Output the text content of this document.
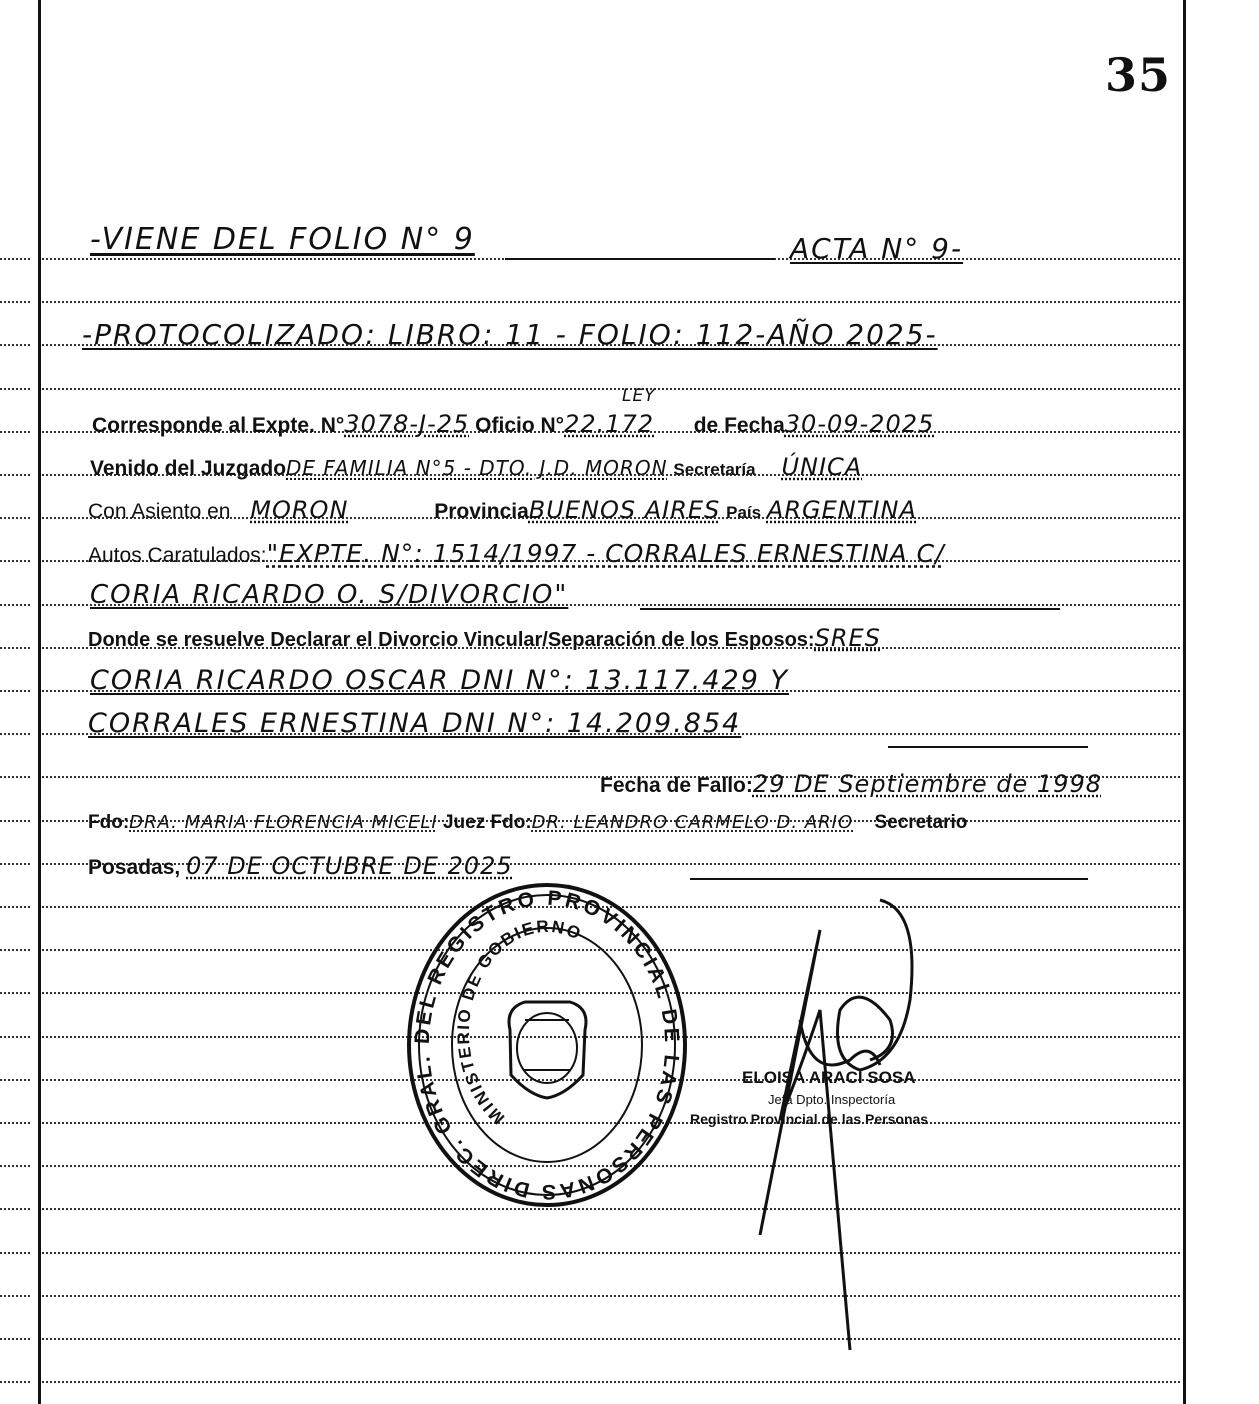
35
-VIENE DEL FOLIO N° 9	ACTA N° 9-
-PROTOCOLIZADO: LIBRO: 11 - FOLIO: 112-AÑO 2025-
Corresponde al Expte. N°3078-J-25 Oficio N°22.172 de Fecha30-09-2025
LEY
Venido del JuzgadoDE FAMILIA N°5 - DTO. J.D. MORON Secretaría ÚNICA
Con Asiento en MORON	ProvinciaBUENOS AIRES País ARGENTINA
Autos Caratulados:"EXPTE. N°: 1514/1997 - CORRALES ERNESTINA C/
CORIA RICARDO O. S/DIVORCIO"
Donde se resuelve Declarar el Divorcio Vincular/Separación de los Esposos:SRES
CORIA RICARDO OSCAR DNI N°: 13.117.429 Y
CORRALES ERNESTINA DNI N°: 14.209.854
Fecha de Fallo:29 DE Septiembre de 1998
Fdo:DRA. MARIA FLORENCIA MICELI Juez Fdo:DR. LEANDRO CARMELO D. ARIO Secretario
Posadas, 07 DE OCTUBRE DE 2025
DIREC. GRAL. DEL REGISTRO PROVINCIAL DE LAS PERSONAS
MINISTERIO DE GOBIERNO
ELOISA ARACI SOSA
Jefa Dpto. Inspectoría
Registro Provincial de las Personas
